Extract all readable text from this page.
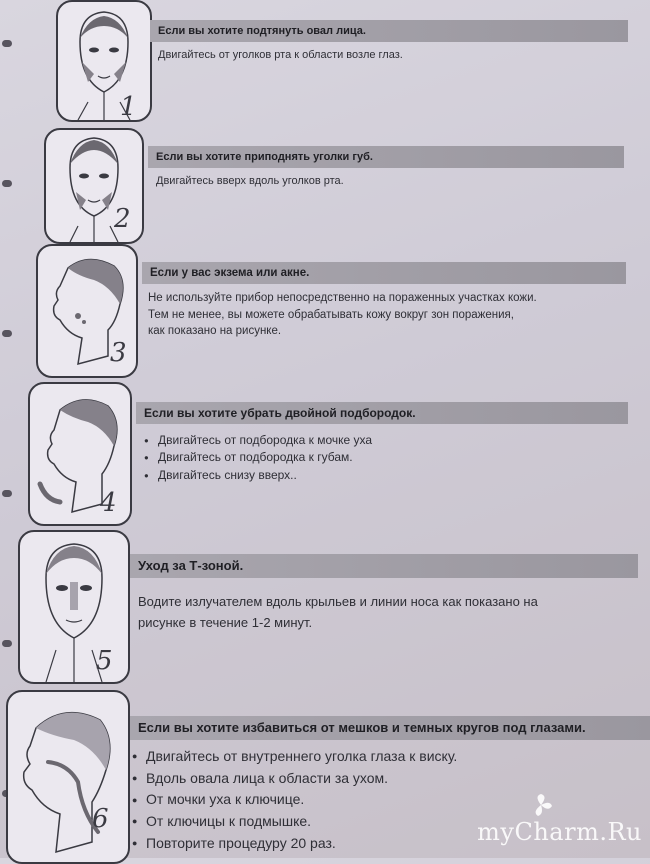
1
Если вы хотите подтянуть овал лица.
Двигайтесь от уголков рта к области возле глаз.
2
Если вы хотите приподнять уголки губ.
Двигайтесь вверх вдоль уголков рта.
3
Если у вас экзема или акне.
Не используйте прибор непосредственно на пораженных участках кожи.
Тем не менее, вы можете обрабатывать кожу вокруг зон поражения,
как показано на рисунке.
4
Если вы хотите убрать двойной подбородок.
● Двигайтесь от подбородка к мочке уха
● Двигайтесь от подбородка к губам.
● Двигайтесь снизу вверх..
5
Уход за Т-зоной.
Водите излучателем вдоль крыльев и линии носа как показано на
рисунке в течение 1-2 минут.
6
Если вы хотите избавиться от мешков и темных кругов под глазами.
● Двигайтесь от внутреннего уголка глаза к виску.
● Вдоль овала лица к области за ухом.
● От мочки уха к ключице.
● От ключицы к подмышке.
● Повторите процедуру 20 раз.	myCharm.Ru
